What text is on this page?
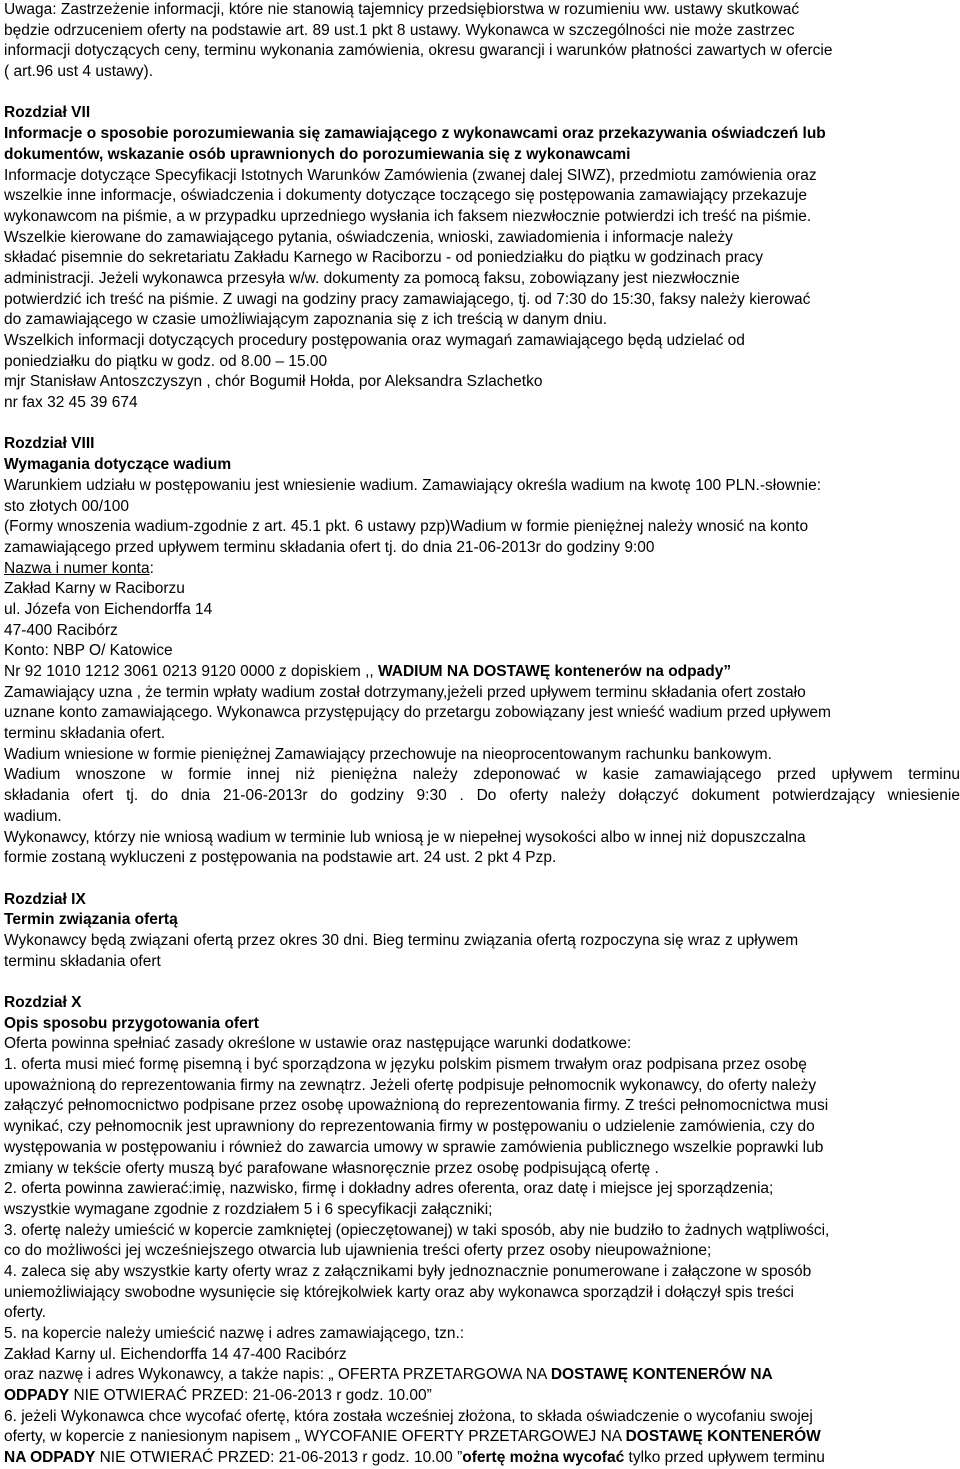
Uwaga: Zastrzeżenie informacji, które nie stanowią tajemnicy przedsiębiorstwa w rozumieniu ww. ustawy skutkować
będzie odrzuceniem oferty na podstawie art. 89 ust.1 pkt 8 ustawy. Wykonawca w szczególności nie może zastrzec
informacji dotyczących ceny, terminu wykonania zamówienia, okresu gwarancji i warunków płatności zawartych w ofercie
( art.96 ust 4 ustawy).
Rozdział VII
Informacje o sposobie porozumiewania się zamawiającego z wykonawcami oraz przekazywania oświadczeń lub
dokumentów, wskazanie osób uprawnionych do porozumiewania się z wykonawcami
Informacje dotyczące Specyfikacji Istotnych Warunków Zamówienia (zwanej dalej SIWZ), przedmiotu zamówienia oraz
wszelkie inne informacje, oświadczenia i dokumenty dotyczące toczącego się postępowania zamawiający przekazuje
wykonawcom na piśmie, a w przypadku uprzedniego wysłania ich faksem niezwłocznie potwierdzi ich treść na piśmie.
Wszelkie kierowane do zamawiającego pytania, oświadczenia, wnioski, zawiadomienia i informacje należy
składać pisemnie do sekretariatu Zakładu Karnego w Raciborzu - od poniedziałku do piątku w godzinach pracy
administracji. Jeżeli wykonawca przesyła w/w. dokumenty za pomocą faksu, zobowiązany jest niezwłocznie
potwierdzić ich treść na piśmie. Z uwagi na godziny pracy zamawiającego, tj. od 7:30 do 15:30, faksy należy kierować
do zamawiającego w czasie umożliwiającym zapoznania się z ich treścią w danym dniu.
Wszelkich informacji dotyczących procedury postępowania oraz wymagań zamawiającego będą udzielać od
poniedziałku do piątku w godz. od 8.00 – 15.00
mjr Stanisław Antoszczyszyn , chór Bogumił Hołda, por Aleksandra Szlachetko
nr fax 32 45 39 674
Rozdział VIII
Wymagania dotyczące wadium
Warunkiem udziału w postępowaniu jest wniesienie wadium. Zamawiający określa wadium na kwotę 100 PLN.-słownie:
sto złotych 00/100
(Formy wnoszenia wadium-zgodnie z art. 45.1 pkt. 6 ustawy pzp)Wadium w formie pieniężnej należy wnosić na konto
zamawiającego przed upływem terminu składania ofert tj. do dnia 21-06-2013r do godziny 9:00
Nazwa i numer konta:
Zakład Karny w Raciborzu
ul. Józefa von Eichendorffa 14
47-400 Racibórz
Konto: NBP O/ Katowice
Nr 92 1010 1212 3061 0213 9120 0000 z dopiskiem ,, WADIUM NA DOSTAWĘ kontenerów na odpady”
Zamawiający uzna , że termin wpłaty wadium został dotrzymany,jeżeli przed upływem terminu składania ofert zostało
uznane konto zamawiającego. Wykonawca przystępujący do przetargu zobowiązany jest wnieść wadium przed upływem
terminu składania ofert.
Wadium wniesione w formie pieniężnej Zamawiający przechowuje na nieoprocentowanym rachunku bankowym.
Wadium wnoszone w formie innej niż pieniężna należy zdeponować w kasie zamawiającego przed upływem terminu
składania ofert tj. do dnia 21-06-2013r do godziny 9:30 . Do oferty należy dołączyć dokument potwierdzający wniesienie
wadium.
Wykonawcy, którzy nie wniosą wadium w terminie lub wniosą je w niepełnej wysokości albo w innej niż dopuszczalna
formie zostaną wykluczeni z postępowania na podstawie art. 24 ust. 2 pkt 4 Pzp.
Rozdział IX
Termin związania ofertą
Wykonawcy będą związani ofertą przez okres 30 dni. Bieg terminu związania ofertą rozpoczyna się wraz z upływem
terminu składania ofert
Rozdział X
Opis sposobu przygotowania ofert
Oferta powinna spełniać zasady określone w ustawie oraz następujące warunki dodatkowe:
1. oferta musi mieć formę pisemną i być sporządzona w języku polskim pismem trwałym oraz podpisana przez osobę
upoważnioną do reprezentowania firmy na zewnątrz. Jeżeli ofertę podpisuje pełnomocnik wykonawcy, do oferty należy
załączyć pełnomocnictwo podpisane przez osobę upoważnioną do reprezentowania firmy. Z treści pełnomocnictwa musi
wynikać, czy pełnomocnik jest uprawniony do reprezentowania firmy w postępowaniu o udzielenie zamówienia, czy do
występowania w postępowaniu i również do zawarcia umowy w sprawie zamówienia publicznego wszelkie poprawki lub
zmiany w tekście oferty muszą być parafowane własnoręcznie przez osobę podpisującą ofertę .
2. oferta powinna zawierać:imię, nazwisko, firmę i dokładny adres oferenta, oraz datę i miejsce jej sporządzenia;
wszystkie wymagane zgodnie z rozdziałem 5 i 6 specyfikacji załączniki;
3. ofertę należy umieścić w kopercie zamkniętej (opieczętowanej) w taki sposób, aby nie budziło to żadnych wątpliwości,
co do możliwości jej wcześniejszego otwarcia lub ujawnienia treści oferty przez osoby nieupoważnione;
4. zaleca się aby wszystkie karty oferty wraz z załącznikami były jednoznacznie ponumerowane i załączone w sposób
uniemożliwiający swobodne wysunięcie się którejkolwiek karty oraz aby wykonawca sporządził i dołączył spis treści
oferty.
5. na kopercie należy umieścić nazwę i adres zamawiającego, tzn.:
Zakład Karny ul. Eichendorffa 14 47-400 Racibórz
oraz nazwę i adres Wykonawcy, a także napis: „ OFERTA PRZETARGOWA NA DOSTAWĘ KONTENERÓW NA
ODPADY NIE OTWIERAĆ PRZED: 21-06-2013 r godz. 10.00”
6. jeżeli Wykonawca chce wycofać ofertę, która została wcześniej złożona, to składa oświadczenie o wycofaniu swojej
oferty, w kopercie z naniesionym napisem „ WYCOFANIE OFERTY PRZETARGOWEJ NA DOSTAWĘ KONTENERÓW
NA ODPADY NIE OTWIERAĆ PRZED: 21-06-2013 r godz. 10.00 ”ofertę można wycofać tylko przed upływem terminu
